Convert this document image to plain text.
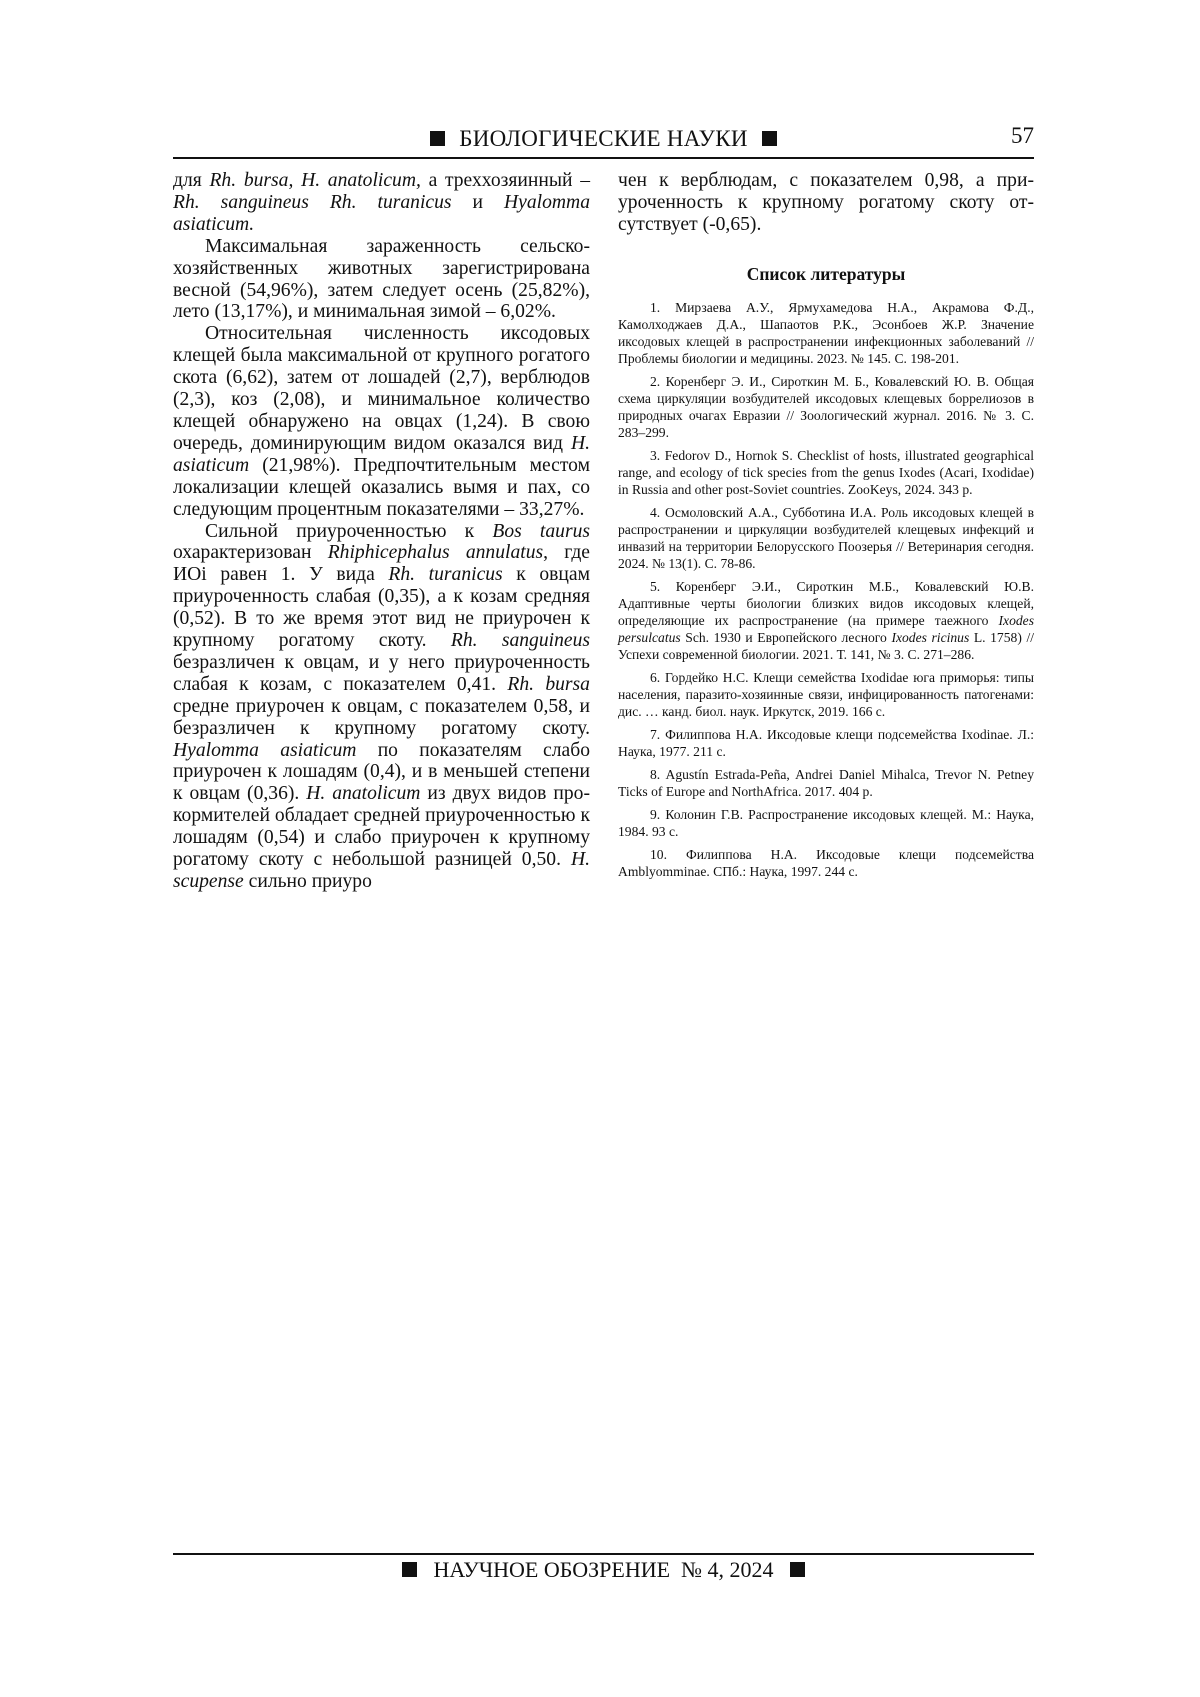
БИОЛОГИЧЕСКИЕ НАУКИ	57

для Rh. bursa, H. anatolicum, а треххозяинный – Rh. sanguineus Rh. turanicus и Hyalomma asiaticum.

Максимальная зараженность сельскохозяйственных животных зарегистрирована весной (54,96%), затем следует осень (25,82%), лето (13,17%), и минимальная зимой – 6,02%.

Относительная численность иксодовых клещей была максимальной от крупного рогатого скота (6,62), затем от лошадей (2,7), верблюдов (2,3), коз (2,08), и минимальное количество клещей обнаружено на овцах (1,24). В свою очередь, доминирующим видом оказался вид H. asiaticum (21,98%). Предпочтительным местом локализации клещей оказались вымя и пах, со следующим процентным показателями – 33,27%.

Сильной приуроченностью к Bos taurus охарактеризован Rhiphicephalus annulatus, где ИОi равен 1. У вида Rh. turanicus к овцам приуроченность слабая (0,35), а к козам средняя (0,52). В то же время этот вид не приурочен к крупному рогатому скоту. Rh. sanguineus безразличен к овцам, и у него приуроченность слабая к козам, с показателем 0,41. Rh. bursa средне приурочен к овцам, с показателем 0,58, и безразличен к крупному рогатому скоту. Hyalomma asiaticum по показателям слабо приурочен к лошадям (0,4), и в меньшей степени к овцам (0,36). H. anatolicum из двух видов прокормителей обладает средней приуроченностью к лошадям (0,54) и слабо приурочен к крупному рогатому скоту с небольшой разницей 0,50. H. scupense сильно приуро

чен к верблюдам, с показателем 0,98, а приуроченность к крупному рогатому скоту отсутствует (-0,65).

Список литературы

1. Мирзаева А.У., Ярмухамедова Н.А., Акрамова Ф.Д., Камолходжаев Д.А., Шапаотов Р.К., Эсонбоев Ж.Р. Значение иксодовых клещей в распространении инфекционных заболеваний // Проблемы биологии и медицины. 2023. № 145. С. 198-201.

2. Коренберг Э. И., Сироткин М. Б., Ковалевский Ю. В. Общая схема циркуляции возбудителей иксодовых клещевых боррелиозов в природных очагах Евразии // Зоологический журнал. 2016. № 3. С. 283–299.

3. Fedorov D., Hornok S. Checklist of hosts, illustrated geographical range, and ecology of tick species from the genus Ixodes (Acari, Ixodidae) in Russia and other post-Soviet countries. ZooKeys, 2024. 343 p.

4. Осмоловский А.А., Субботина И.А. Роль иксодовых клещей в распространении и циркуляции возбудителей клещевых инфекций и инвазий на территории Белорусского Поозерья // Ветеринария сегодня. 2024. № 13(1). С. 78-86.

5. Коренберг Э.И., Сироткин М.Б., Ковалевский Ю.В. Адаптивные черты биологии близких видов иксодовых клещей, определяющие их распространение (на примере таежного Ixodes persulcatus Sch. 1930 и Европейского лесного Ixodes ricinus L. 1758) // Успехи современной биологии. 2021. Т. 141, № 3. С. 271–286.

6. Гордейко Н.С. Клещи семейства Ixodidae юга приморья: типы населения, паразито-хозяинные связи, инфицированность патогенами: дис. … канд. биол. наук. Иркутск, 2019. 166 с.

7. Филиппова Н.А. Иксодовые клещи подсемейства Ixodinae. Л.: Наука, 1977. 211 с.

8. Agustín Estrada-Peña, Andrei Daniel Mihalca, Trevor N. Petney Ticks of Europe and NorthAfrica. 2017. 404 p.

9. Колонин Г.В. Распространение иксодовых клещей. М.: Наука, 1984. 93 с.

10. Филиппова Н.А. Иксодовые клещи подсемейства Amblyomminae. СПб.: Наука, 1997. 244 с.

НАУЧНОЕ ОБОЗРЕНИЕ № 4, 2024
